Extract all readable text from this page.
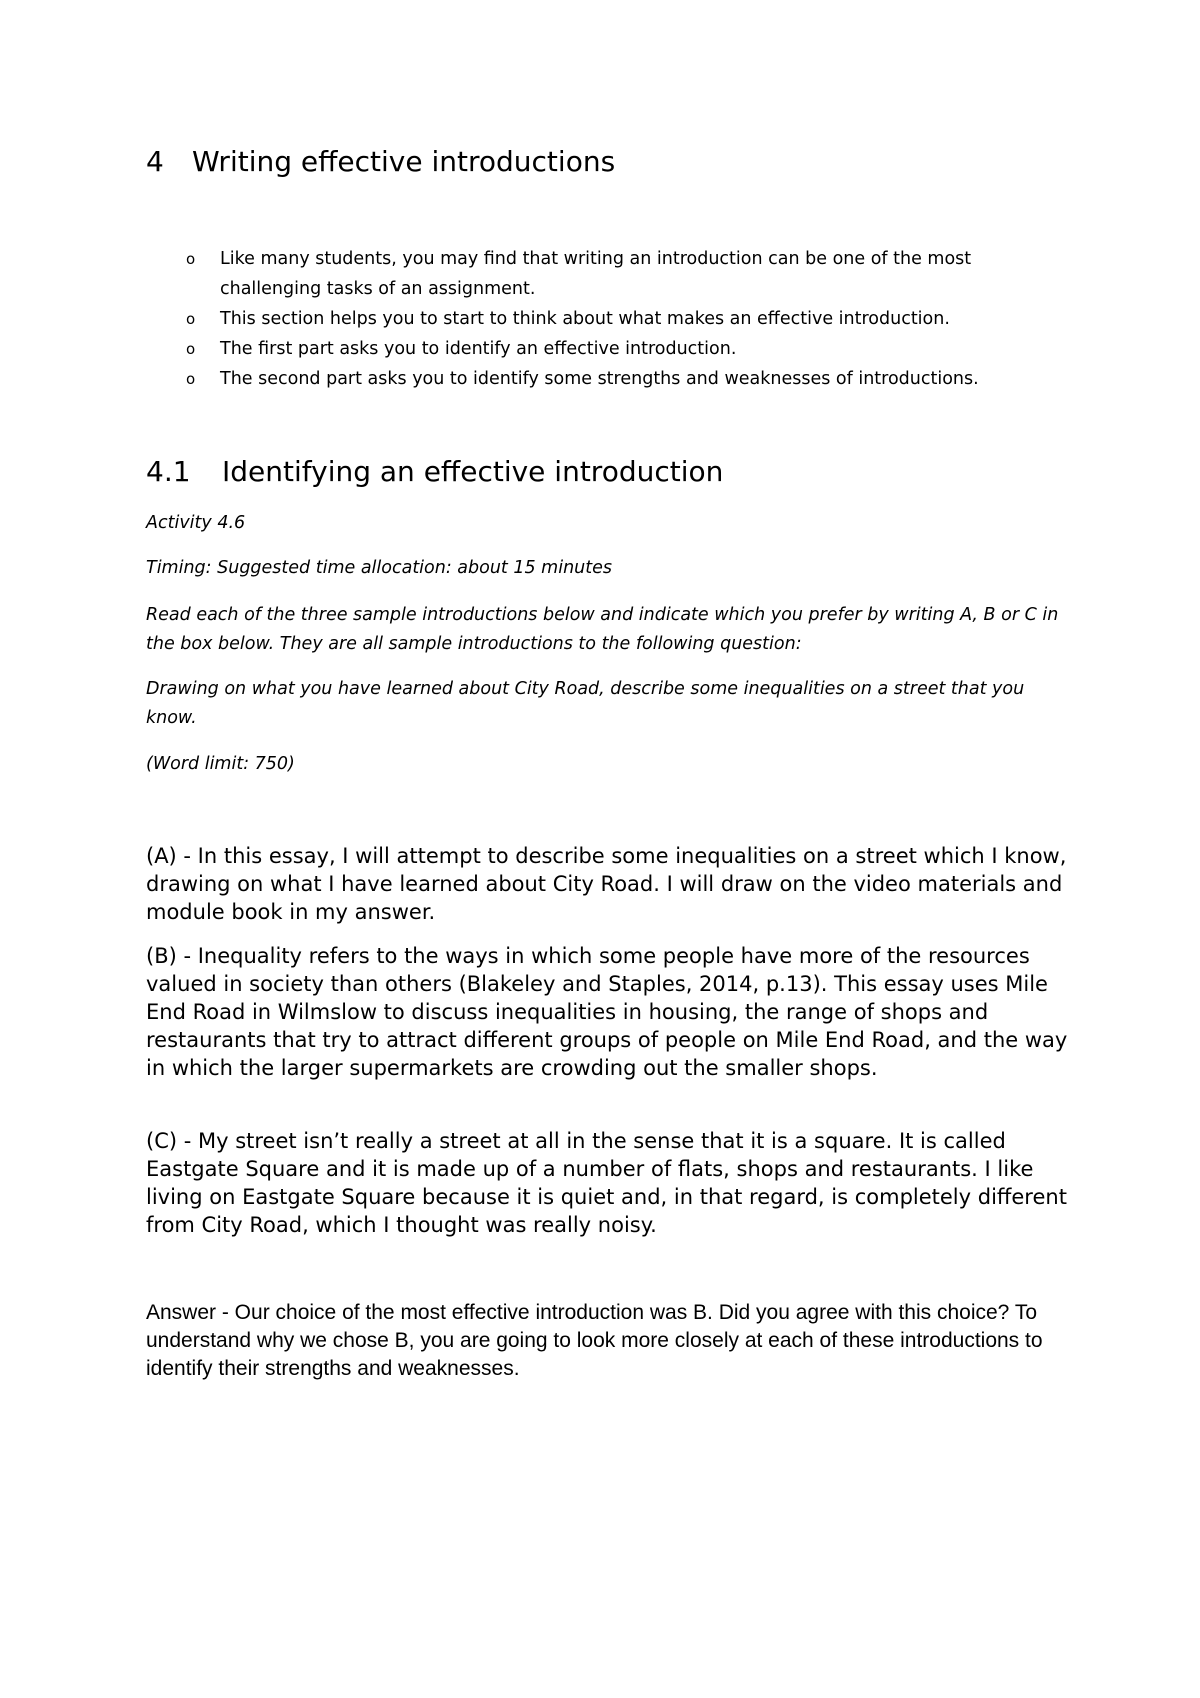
4 Writing effective introductions
o Like many students, you may find that writing an introduction can be one of the most challenging tasks of an assignment.
o This section helps you to start to think about what makes an effective introduction.
o The first part asks you to identify an effective introduction.
o The second part asks you to identify some strengths and weaknesses of introductions.
4.1 Identifying an effective introduction

Activity 4.6

Timing: Suggested time allocation: about 15 minutes

Read each of the three sample introductions below and indicate which you prefer by writing A, B or C in the box below. They are all sample introductions to the following question:

Drawing on what you have learned about City Road, describe some inequalities on a street that you know.

(Word limit: 750)

(A) - In this essay, I will attempt to describe some inequalities on a street which I know, drawing on what I have learned about City Road. I will draw on the video materials and module book in my answer.

(B) - Inequality refers to the ways in which some people have more of the resources valued in society than others (Blakeley and Staples, 2014, p.13). This essay uses Mile End Road in Wilmslow to discuss inequalities in housing, the range of shops and restaurants that try to attract different groups of people on Mile End Road, and the way in which the larger supermarkets are crowding out the smaller shops.

(C) - My street isn’t really a street at all in the sense that it is a square. It is called Eastgate Square and it is made up of a number of flats, shops and restaurants. I like living on Eastgate Square because it is quiet and, in that regard, is completely different from City Road, which I thought was really noisy.

Answer - Our choice of the most effective introduction was B. Did you agree with this choice? To understand why we chose B, you are going to look more closely at each of these introductions to identify their strengths and weaknesses.
